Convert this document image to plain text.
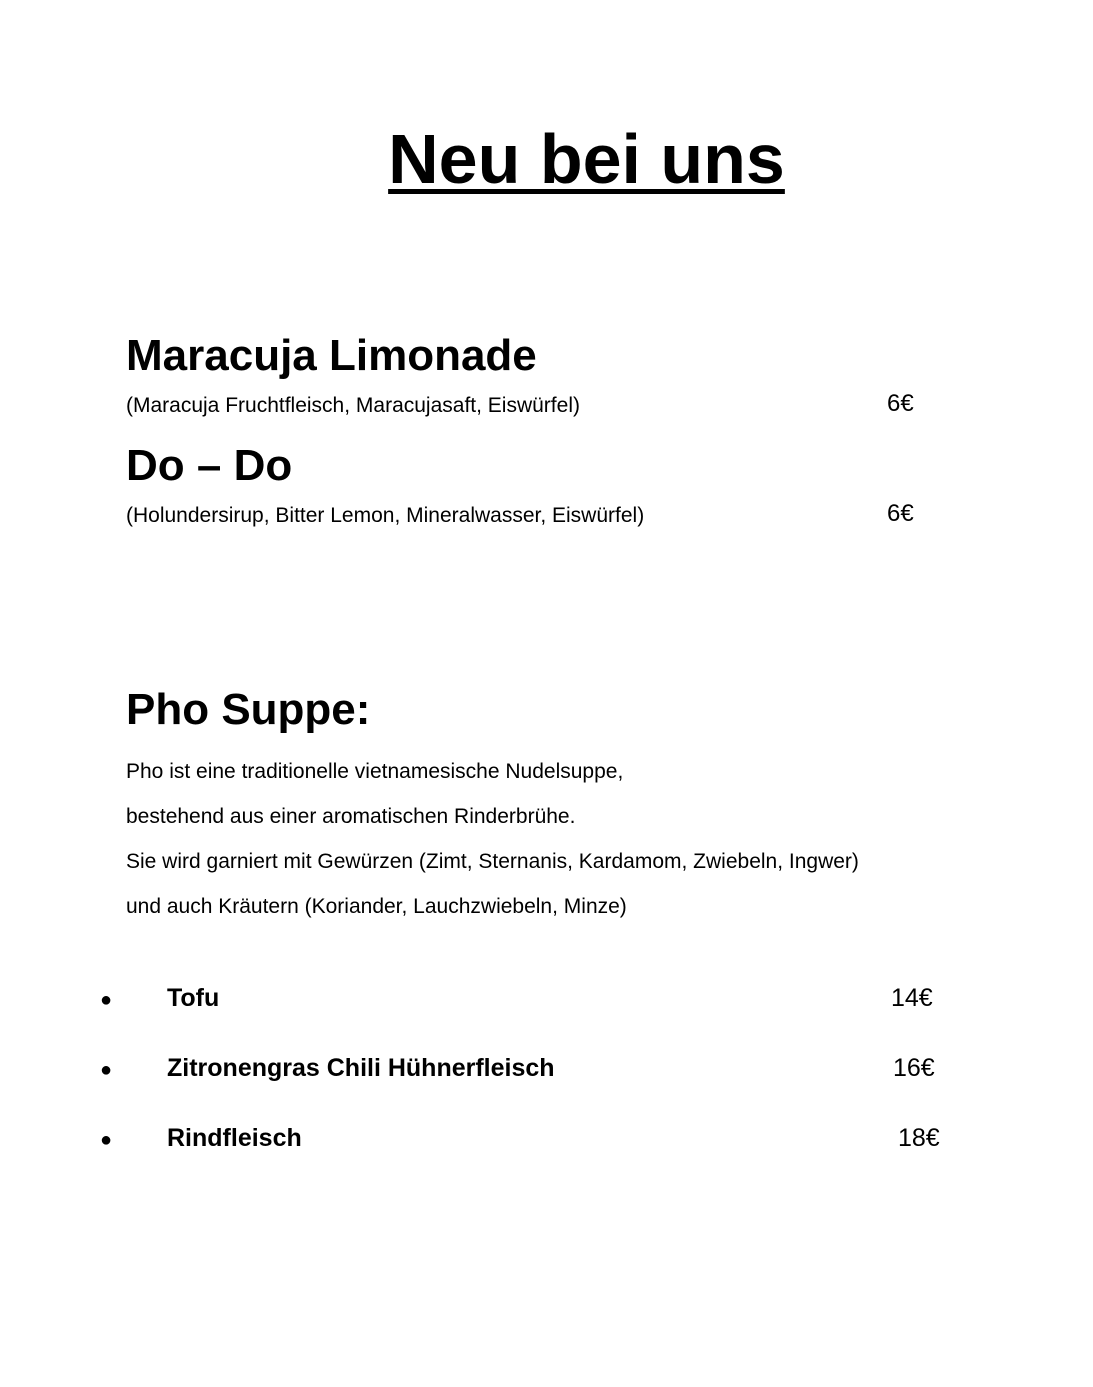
Neu bei uns
Maracuja Limonade
(Maracuja Fruchtfleisch, Maracujasaft, Eiswürfel)	6€
Do – Do
(Holundersirup, Bitter Lemon, Mineralwasser, Eiswürfel)	6€
Pho Suppe:
Pho ist eine traditionelle vietnamesische Nudelsuppe,
bestehend aus einer aromatischen Rinderbrühe.
Sie wird garniert mit Gewürzen (Zimt, Sternanis, Kardamom, Zwiebeln, Ingwer)
und auch Kräutern (Koriander, Lauchzwiebeln, Minze)
● Tofu	14€
● Zitronengras Chili Hühnerfleisch	16€
● Rindfleisch	18€
